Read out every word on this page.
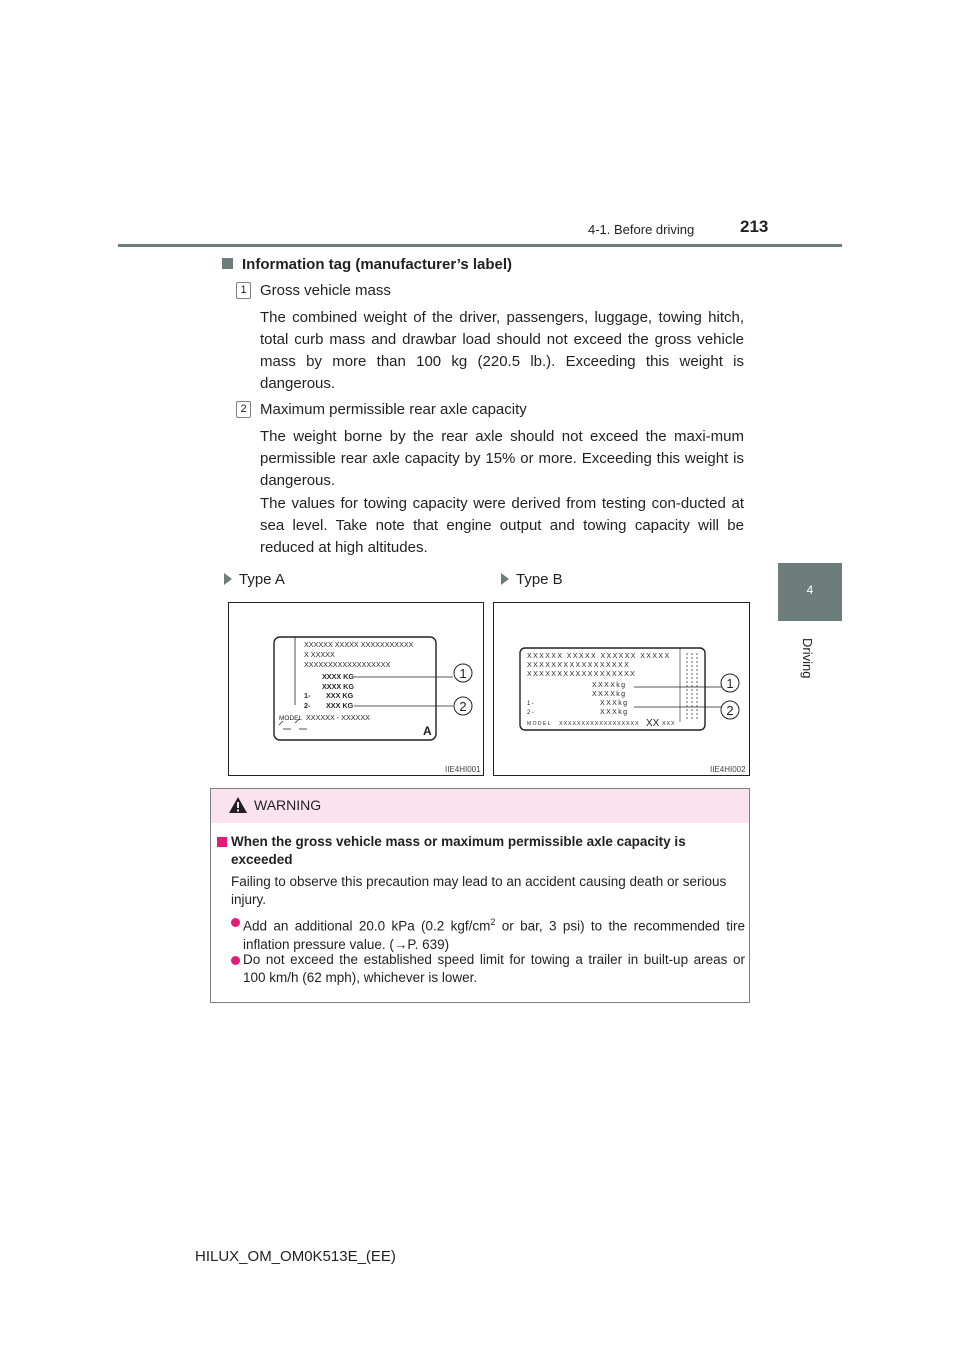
4-1. Before driving	213
4
Driving
Information tag (manufacturer’s label)
1 Gross vehicle mass
The combined weight of the driver, passengers, luggage, towing hitch, total curb mass and drawbar load should not exceed the gross vehicle mass by more than 100 kg (220.5 lb.). Exceeding this weight is dangerous.
2 Maximum permissible rear axle capacity
The weight borne by the rear axle should not exceed the maxi-mum permissible rear axle capacity by 15% or more. Exceeding this weight is dangerous.
The values for towing capacity were derived from testing con-ducted at sea level. Take note that engine output and towing capacity will be reduced at high altitudes.
Type A	Type B
XXXXXX XXXXX XXXXXXXXXXX
X XXXXX
XXXXXXXXXXXXXXXXXX
XXXX KG
XXXX KG
1- XXX KG
2- XXX KG
MODEL XXXXXX - XXXXXX
A
1
2
IIE4HI001
XXXXXX XXXXX XXXXXX XXXXX
XXXXXXXXXXXXXXXXX
XXXXXXXXXXXXXXXXXX
XXXXkg
XXXXkg
1-	XXXkg
2-	XXXkg
MODEL XXXXXXXXXXXXXXXXXX XX XXX
1
2
IIE4HI002
WARNING
When the gross vehicle mass or maximum permissible axle capacity is exceeded
Failing to observe this precaution may lead to an accident causing death or serious injury.
Add an additional 20.0 kPa (0.2 kgf/$cm^2$ or bar, 3 psi) to the recommended tire inflation pressure value. (→P. 639)
Do not exceed the established speed limit for towing a trailer in built-up areas or 100 km/h (62 mph), whichever is lower.
HILUX_OM_OM0K513E_(EE)
